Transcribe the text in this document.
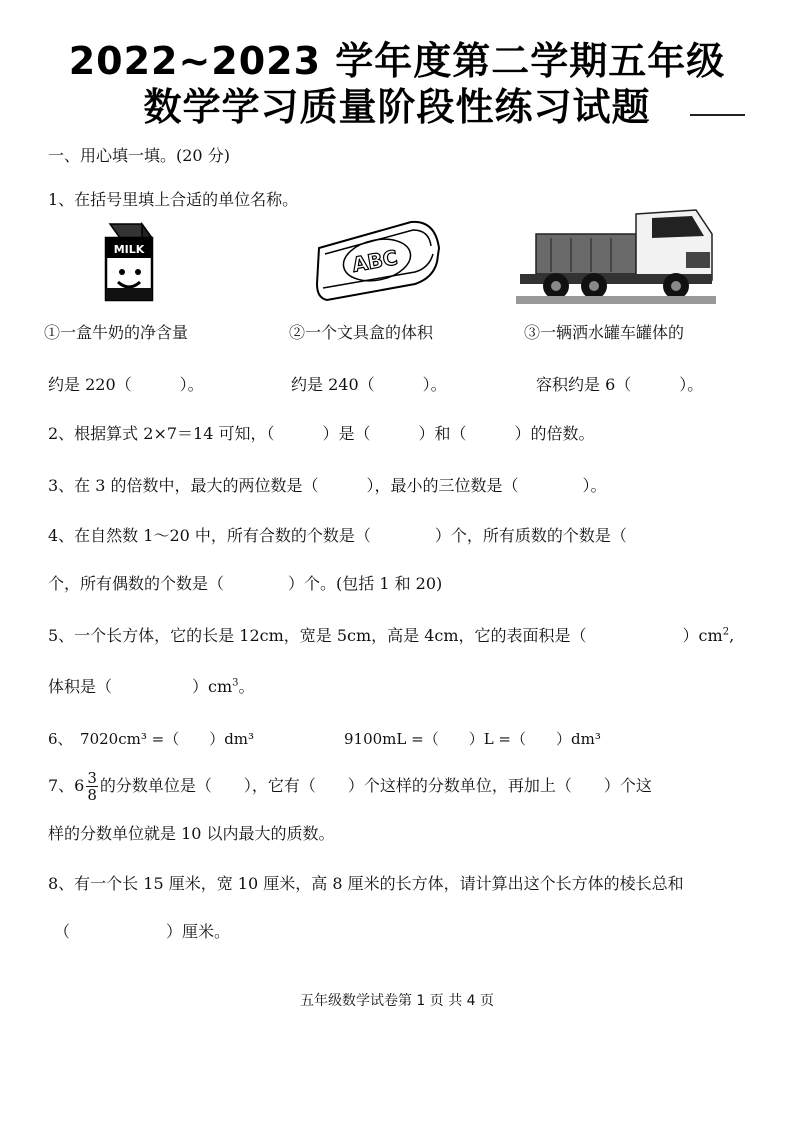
2022~2023 学年度第二学期五年级
数学学习质量阶段性练习试题
一、用心填一填。(20 分)
1、在括号里填上合适的单位名称。
MILK	ABC
①一盒牛奶的净含量
约是 220（　　　）。
②一个文具盒的体积
约是 240（　　　）。
③一辆洒水罐车罐体的
容积约是 6（　　　）。
2、根据算式 2×7＝14 可知，（　　　）是（　　　）和（　　　）的倍数。
3、在 3 的倍数中，最大的两位数是（　　　），最小的三位数是（　　　　）。
4、在自然数 1～20 中，所有合数的个数是（　　　　）个，所有质数的个数是（
个，所有偶数的个数是（　　　　）个。(包括 1 和 20)
5、一个长方体，它的长是 12cm，宽是 5cm，高是 4cm，它的表面积是（　　　　　　）$cm^2$,
体积是（　　　　　）$cm^3$。
6、　7020cm³ =（　　）dm³	9100mL =（　　）L =（　　）dm³
7、$6 \frac{3}{8}$ 的分数单位是（　　），它有（　　）个这样的分数单位，再加上（　　）个这
样的分数单位就是 10 以内最大的质数。
8、有一个长 15 厘米，宽 10 厘米，高 8 厘米的长方体，请计算出这个长方体的棱长总和
（　　　　　　）厘米。
五年级数学试卷第 1 页 共 4 页
